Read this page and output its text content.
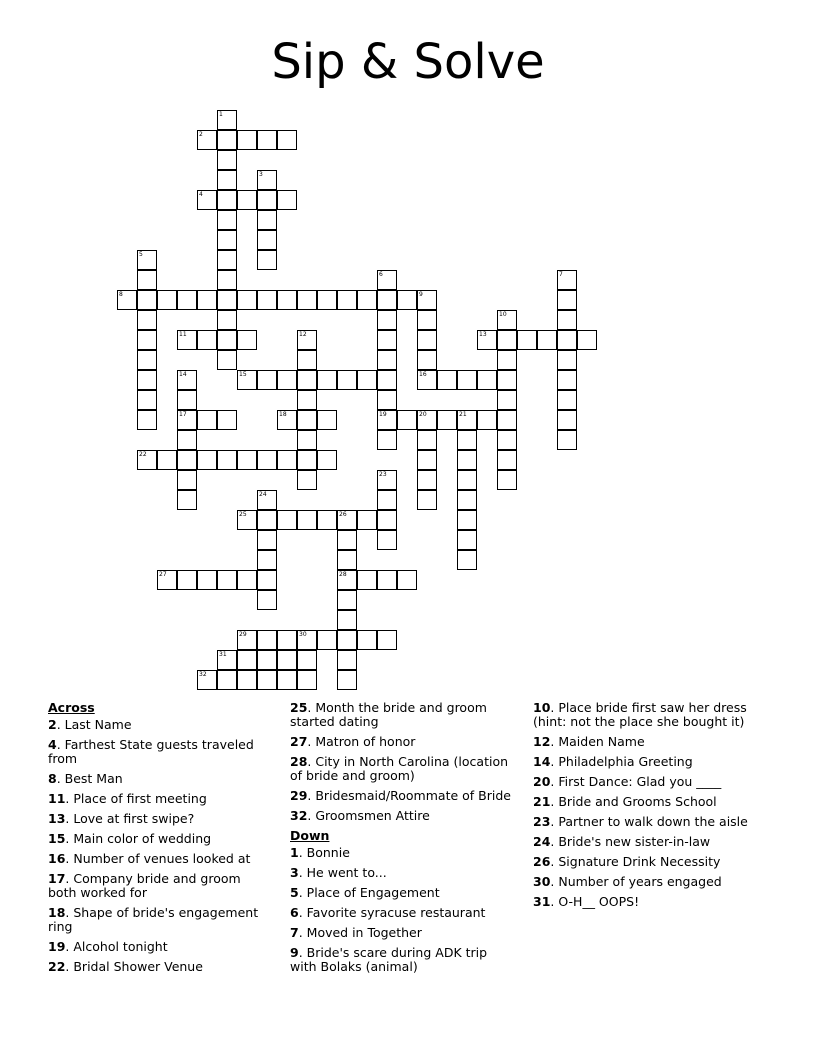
Sip & Solve
1
2
3
4
5
6
19
7
8	9
16
10
11	12	13
14
17
15
18	20	21
22
23
24
25	26
28
27
29	30
31
32
Across
2. Last Name
4. Farthest State guests traveled from
8. Best Man
11. Place of first meeting
13. Love at first swipe?
15. Main color of wedding
16. Number of venues looked at
17. Company bride and groom both worked for
18. Shape of bride's engagement ring
19. Alcohol tonight
22. Bridal Shower Venue
25. Month the bride and groom started dating
27. Matron of honor
28. City in North Carolina (location of bride and groom)
29. Bridesmaid/Roommate of Bride
32. Groomsmen Attire
Down
1. Bonnie
3. He went to...
5. Place of Engagement
6. Favorite syracuse restaurant
7. Moved in Together
9. Bride's scare during ADK trip with Bolaks (animal)
10. Place bride first saw her dress (hint: not the place she bought it)
12. Maiden Name
14. Philadelphia Greeting
20. First Dance: Glad you ____
21. Bride and Grooms School
23. Partner to walk down the aisle
24. Bride's new sister-in-law
26. Signature Drink Necessity
30. Number of years engaged
31. O-H__ OOPS!
